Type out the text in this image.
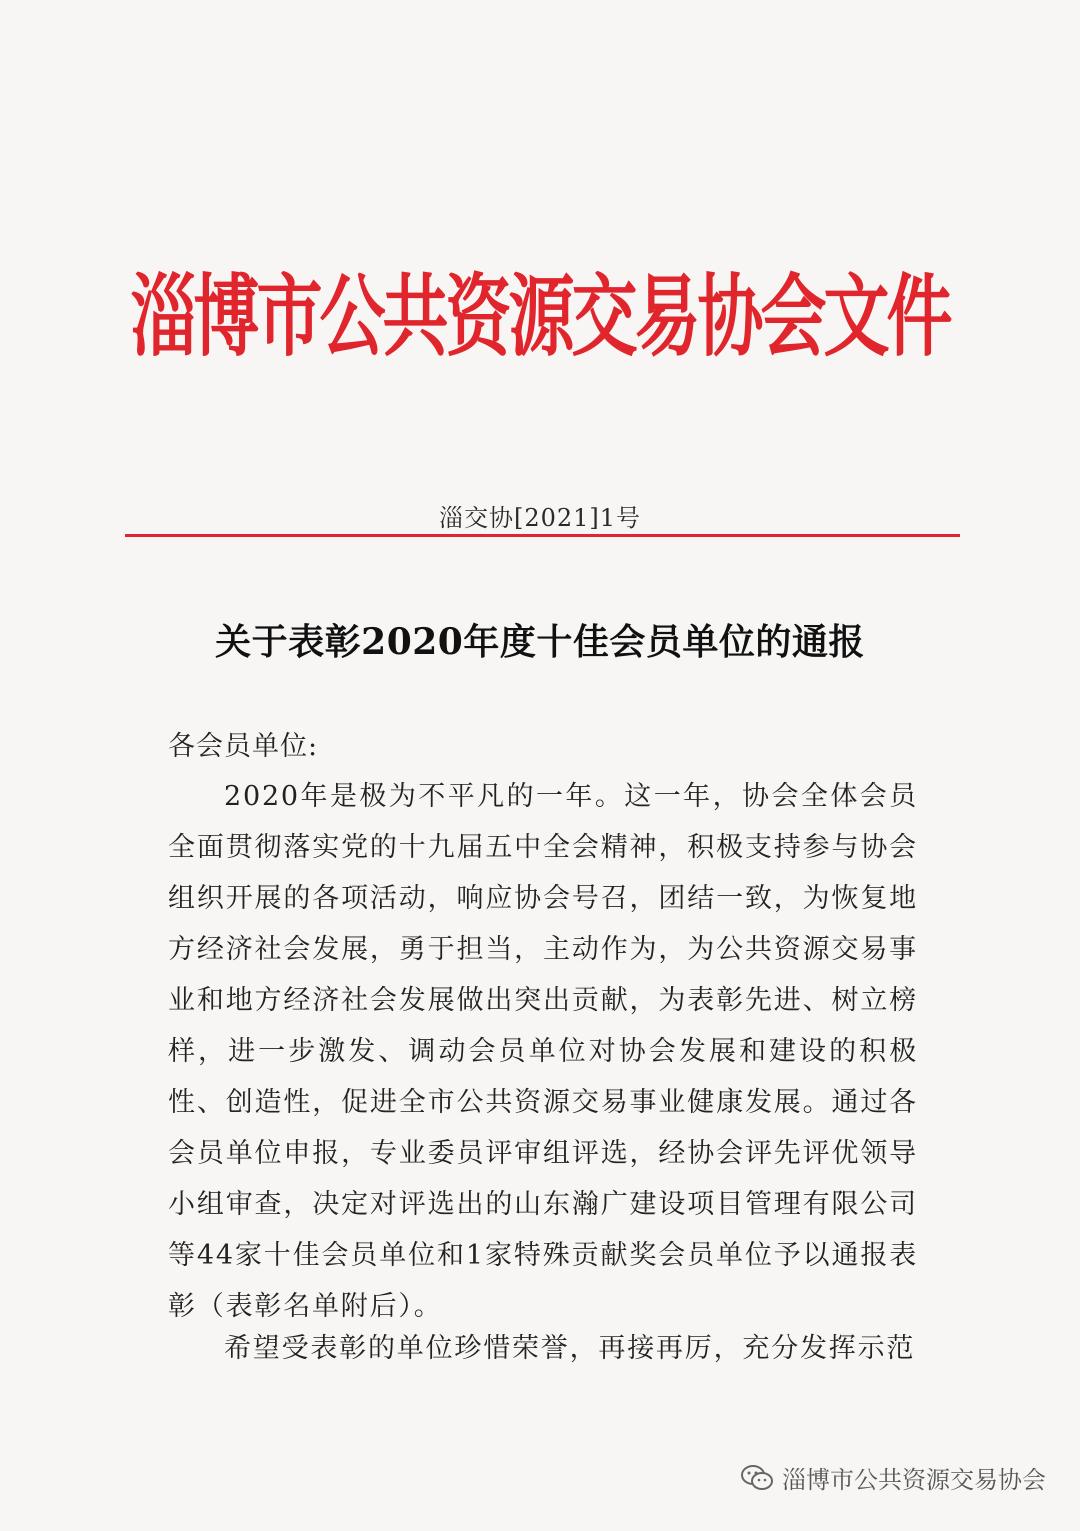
淄博市公共资源交易协会文件
淄交协[2021]1号
关于表彰2020年度十佳会员单位的通报
各会员单位:

2020年是极为不平凡的一年。这一年，协会全体会员全面贯彻落实党的十九届五中全会精神，积极支持参与协会组织开展的各项活动，响应协会号召，团结一致，为恢复地方经济社会发展，勇于担当，主动作为，为公共资源交易事业和地方经济社会发展做出突出贡献，为表彰先进、树立榜样，进一步激发、调动会员单位对协会发展和建设的积极性、创造性，促进全市公共资源交易事业健康发展。通过各会员单位申报，专业委员评审组评选，经协会评先评优领导小组审查，决定对评选出的山东瀚广建设项目管理有限公司等44家十佳会员单位和1家特殊贡献奖会员单位予以通报表彰（表彰名单附后）。

希望受表彰的单位珍惜荣誉，再接再厉，充分发挥示范

淄博市公共资源交易协会
